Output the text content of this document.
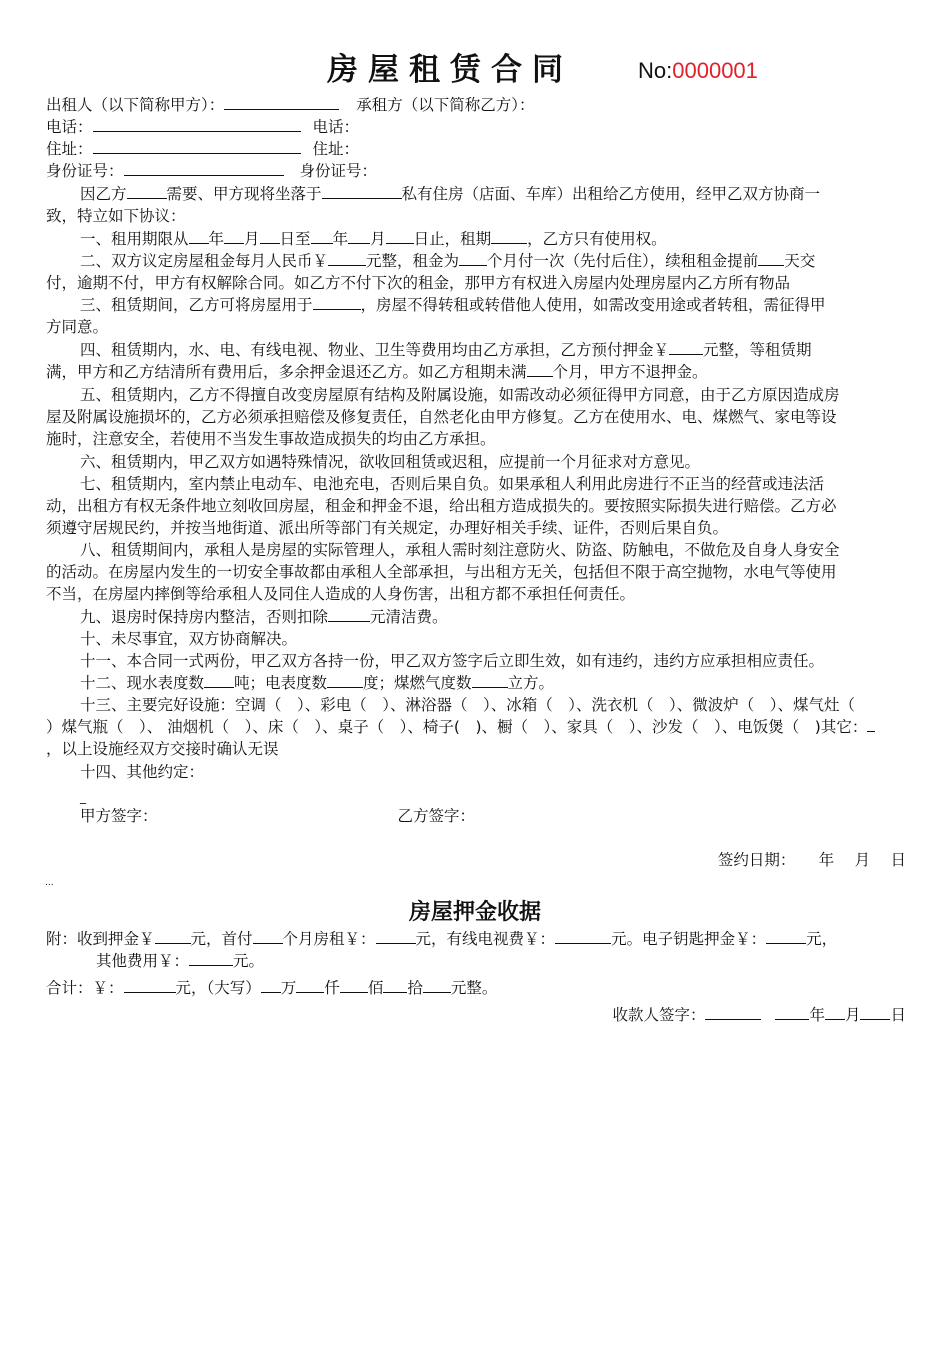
房屋租赁合同	No:0000001
出租人（以下简称甲方）：	承租方（以下简称乙方）：
电话：	电话：
住址：	住址：
身份证号：	身份证号：
因乙方	需要、甲方现将坐落于	私有住房（店面、车库）出租给乙方使用，经甲乙双方协商一
致，特立如下协议：
一、租用期限从 年 月 日至 年 月 日止，租期 ，乙方只有使用权。
二、双方议定房屋租金每月人民币￥ 元整，租金为 个月付一次（先付后住），续租租金提前 天交
付，逾期不付，甲方有权解除合同。如乙方不付下次的租金，那甲方有权进入房屋内处理房屋内乙方所有物品
三、租赁期间，乙方可将房屋用于	，房屋不得转租或转借他人使用，如需改变用途或者转租，需征得甲
方同意。
四、租赁期内，水、电、有线电视、物业、卫生等费用均由乙方承担，乙方预付押金￥ 元整，等租赁期
满，甲方和乙方结清所有费用后，多余押金退还乙方。如乙方租期未满 个月，甲方不退押金。
五、租赁期内，乙方不得擅自改变房屋原有结构及附属设施，如需改动必须征得甲方同意，由于乙方原因造成房
屋及附属设施损坏的，乙方必须承担赔偿及修复责任，自然老化由甲方修复。乙方在使用水、电、煤燃气、家电等设
施时，注意安全，若使用不当发生事故造成损失的均由乙方承担。
六、租赁期内，甲乙双方如遇特殊情况，欲收回租赁或迟租，应提前一个月征求对方意见。
七、租赁期内，室内禁止电动车、电池充电，否则后果自负。如果承租人利用此房进行不正当的经营或违法活
动，出租方有权无条件地立刻收回房屋，租金和押金不退，给出租方造成损失的。要按照实际损失进行赔偿。乙方必
须遵守居规民约，并按当地街道、派出所等部门有关规定，办理好相关手续、证件，否则后果自负。
八、租赁期间内，承租人是房屋的实际管理人，承租人需时刻注意防火、防盗、防触电，不做危及自身人身安全
的活动。在房屋内发生的一切安全事故都由承租人全部承担，与出租方无关，包括但不限于高空抛物，水电气等使用
不当，在房屋内摔倒等给承租人及同住人造成的人身伤害，出租方都不承担任何责任。
九、退房时保持房内整洁，否则扣除	元清洁费。
十、未尽事宜，双方协商解决。
十一、本合同一式两份，甲乙双方各持一份，甲乙双方签字后立即生效，如有违约，违约方应承担相应责任。
十二、现水表度数 吨；电表度数 度；煤燃气度数 立方。
十三、主要完好设施：空调（　）、彩电（　）、淋浴器（　）、冰箱（　）、洗衣机（　）、微波炉（　）、煤气灶（
）煤气瓶（　）、 油烟机（　）、床（　）、桌子（　）、椅子(　)、橱（　）、家具（　）、沙发（　）、电饭煲（　)其它：
，以上设施经双方交接时确认无误
十四、其他约定：
_
甲方签字：	乙方签字：
签约日期：　　年　 月　 日
...
房屋押金收据
附：收到押金￥ 元，首付 个月房租￥：	元，有线电视费￥：	元。电子钥匙押金￥：	元，
其他费用￥：	元。
合计：￥：	元，（大写） 万 仟 佰 拾 元整。
收款人签字：	年 月 日
